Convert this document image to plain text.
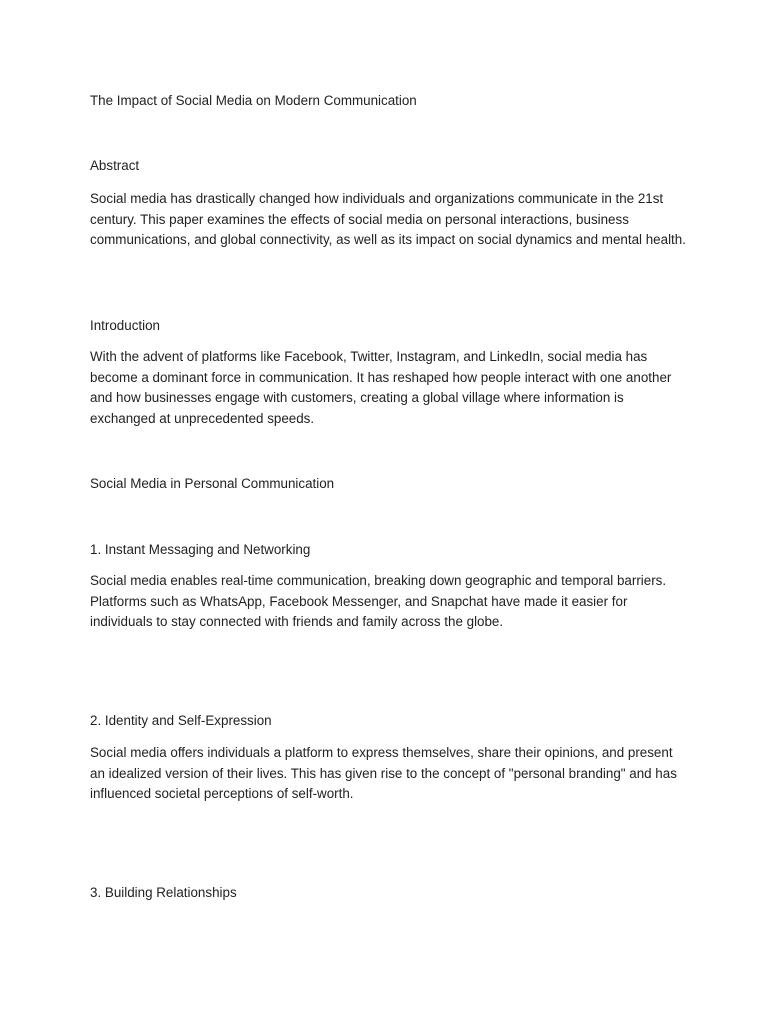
The Impact of Social Media on Modern Communication
Abstract
Social media has drastically changed how individuals and organizations communicate in the 21st century. This paper examines the effects of social media on personal interactions, business communications, and global connectivity, as well as its impact on social dynamics and mental health.
Introduction
With the advent of platforms like Facebook, Twitter, Instagram, and LinkedIn, social media has become a dominant force in communication. It has reshaped how people interact with one another and how businesses engage with customers, creating a global village where information is exchanged at unprecedented speeds.
Social Media in Personal Communication
1. Instant Messaging and Networking
Social media enables real-time communication, breaking down geographic and temporal barriers. Platforms such as WhatsApp, Facebook Messenger, and Snapchat have made it easier for individuals to stay connected with friends and family across the globe.
2. Identity and Self-Expression
Social media offers individuals a platform to express themselves, share their opinions, and present an idealized version of their lives. This has given rise to the concept of "personal branding" and has influenced societal perceptions of self-worth.
3. Building Relationships
